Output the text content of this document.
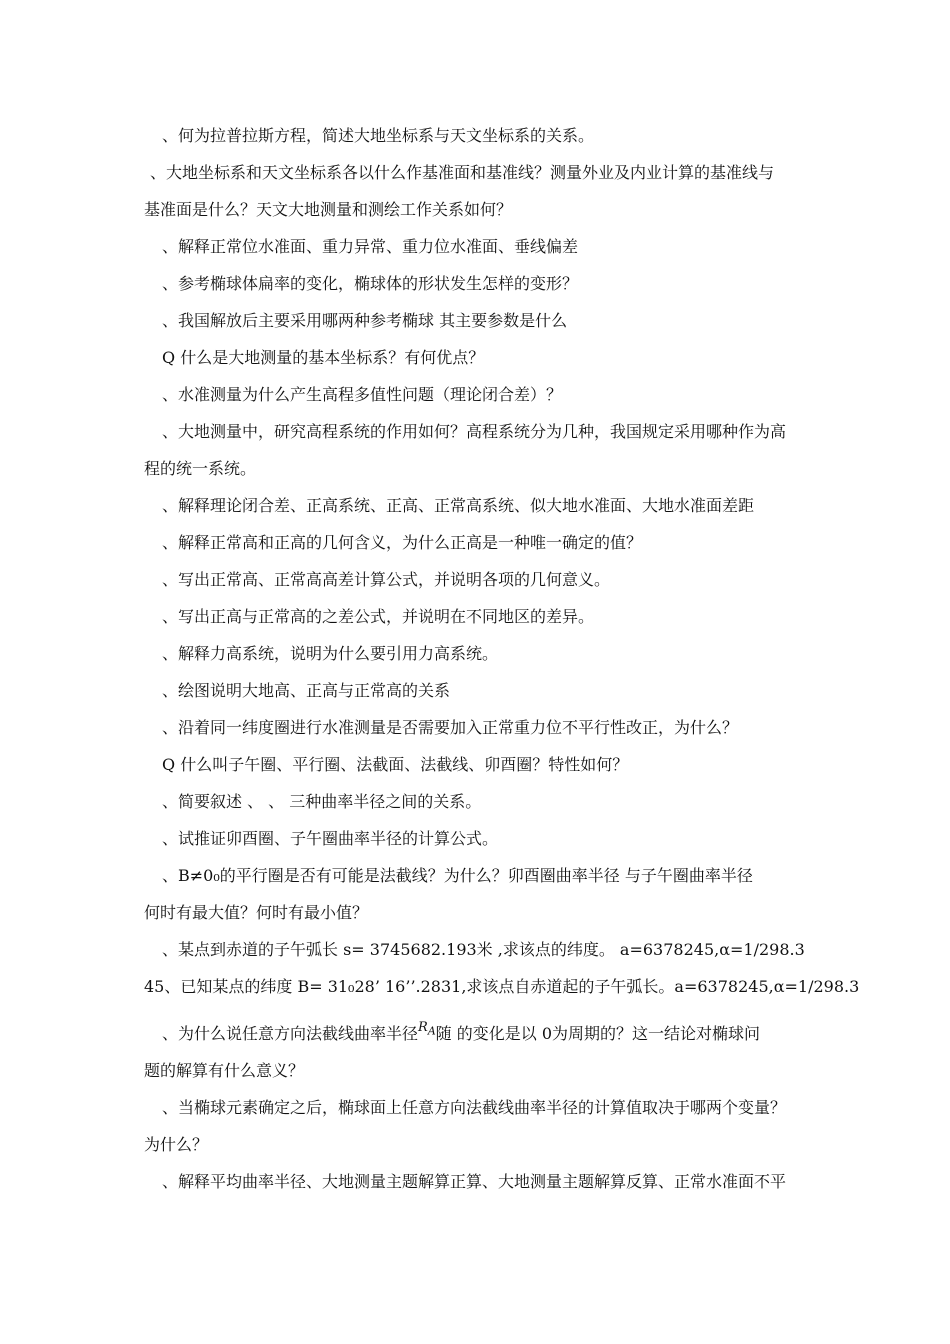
、何为拉普拉斯方程，简述大地坐标系与天文坐标系的关系。
、大地坐标系和天文坐标系各以什么作基准面和基准线？测量外业及内业计算的基准线与
基准面是什么？天文大地测量和测绘工作关系如何？
、解释正常位水准面、重力异常、重力位水准面、垂线偏差
、参考椭球体扁率的变化，椭球体的形状发生怎样的变形？
、我国解放后主要采用哪两种参考椭球 其主要参数是什么
Q 什么是大地测量的基本坐标系？有何优点？
、水准测量为什么产生高程多值性问题（理论闭合差）？
、大地测量中，研究高程系统的作用如何？高程系统分为几种，我国规定采用哪种作为高
程的统一系统。
、解释理论闭合差、正高系统、正高、正常高系统、似大地水准面、大地水准面差距
、解释正常高和正高的几何含义，为什么正高是一种唯一确定的值？
、写出正常高、正常高高差计算公式，并说明各项的几何意义。
、写出正高与正常高的之差公式，并说明在不同地区的差异。
、解释力高系统，说明为什么要引用力高系统。
、绘图说明大地高、正高与正常高的关系
、沿着同一纬度圈进行水准测量是否需要加入正常重力位不平行性改正，为什么？
Q 什么叫子午圈、平行圈、法截面、法截线、卯酉圈？特性如何？
、简要叙述 、 、 三种曲率半径之间的关系。
、试推证卯酉圈、子午圈曲率半径的计算公式。
、B≠0₀的平行圈是否有可能是法截线？为什么？卯酉圈曲率半径 与子午圈曲率半径
何时有最大值？何时有最小值？
、某点到赤道的子午弧长 s= 3745682.193米 ,求该点的纬度。 a=6378245,α=1/298.3
45、已知某点的纬度 B= 31₀28’ 16’’.2831,求该点自赤道起的子午弧长。a=6378245,α=1/298.3
、为什么说任意方向法截线曲率半径$^{R_A}$随 的变化是以 0为周期的？这一结论对椭球问
题的解算有什么意义？
、当椭球元素确定之后，椭球面上任意方向法截线曲率半径的计算值取决于哪两个变量？
为什么？
、解释平均曲率半径、大地测量主题解算正算、大地测量主题解算反算、正常水准面不平
